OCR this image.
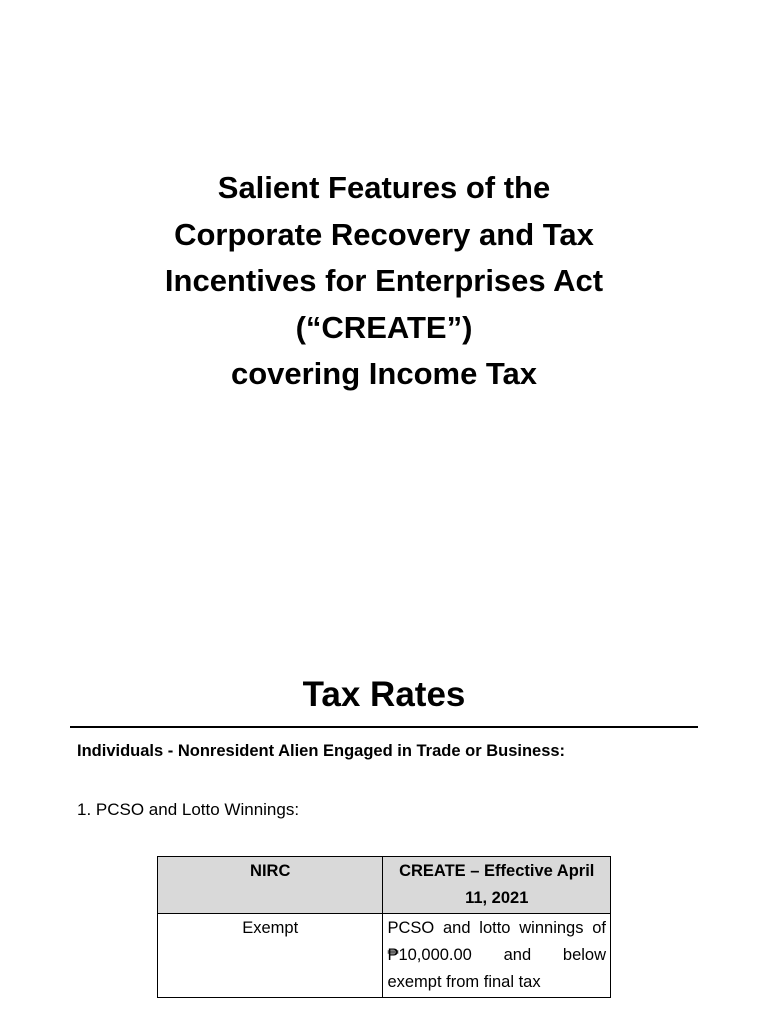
Salient Features of the
Corporate Recovery and Tax
Incentives for Enterprises Act
(“CREATE”)
covering Income Tax
Tax Rates
Individuals - Nonresident Alien Engaged in Trade or Business:
1. PCSO and Lotto Winnings:
NIRC	CREATE – Effective April 11, 2021
Exempt	PCSO and lotto winnings of ₱10,000.00 and below exempt from final tax
